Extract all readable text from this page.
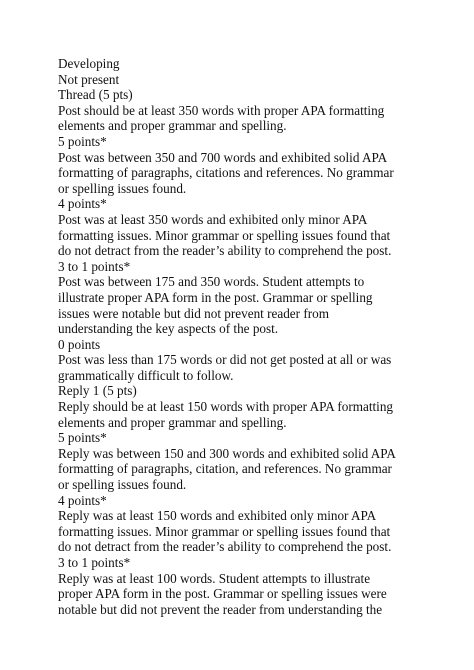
Developing

Not present

Thread (5 pts)

Post should be at least 350 words with proper APA formatting

elements and proper grammar and spelling.

5 points*

Post was between 350 and 700 words and exhibited solid APA

formatting of paragraphs, citations and references. No grammar

or spelling issues found.

4 points*

Post was at least 350 words and exhibited only minor APA

formatting issues. Minor grammar or spelling issues found that

do not detract from the reader’s ability to comprehend the post.

3 to 1 points*

Post was between 175 and 350 words. Student attempts to

illustrate proper APA form in the post. Grammar or spelling

issues were notable but did not prevent reader from

understanding the key aspects of the post.

0 points

Post was less than 175 words or did not get posted at all or was

grammatically difficult to follow.

Reply 1 (5 pts)

Reply should be at least 150 words with proper APA formatting

elements and proper grammar and spelling.

5 points*

Reply was between 150 and 300 words and exhibited solid APA

formatting of paragraphs, citation, and references. No grammar

or spelling issues found.

4 points*

Reply was at least 150 words and exhibited only minor APA

formatting issues. Minor grammar or spelling issues found that

do not detract from the reader’s ability to comprehend the post.

3 to 1 points*

Reply was at least 100 words. Student attempts to illustrate

proper APA form in the post. Grammar or spelling issues were

notable but did not prevent the reader from understanding the
